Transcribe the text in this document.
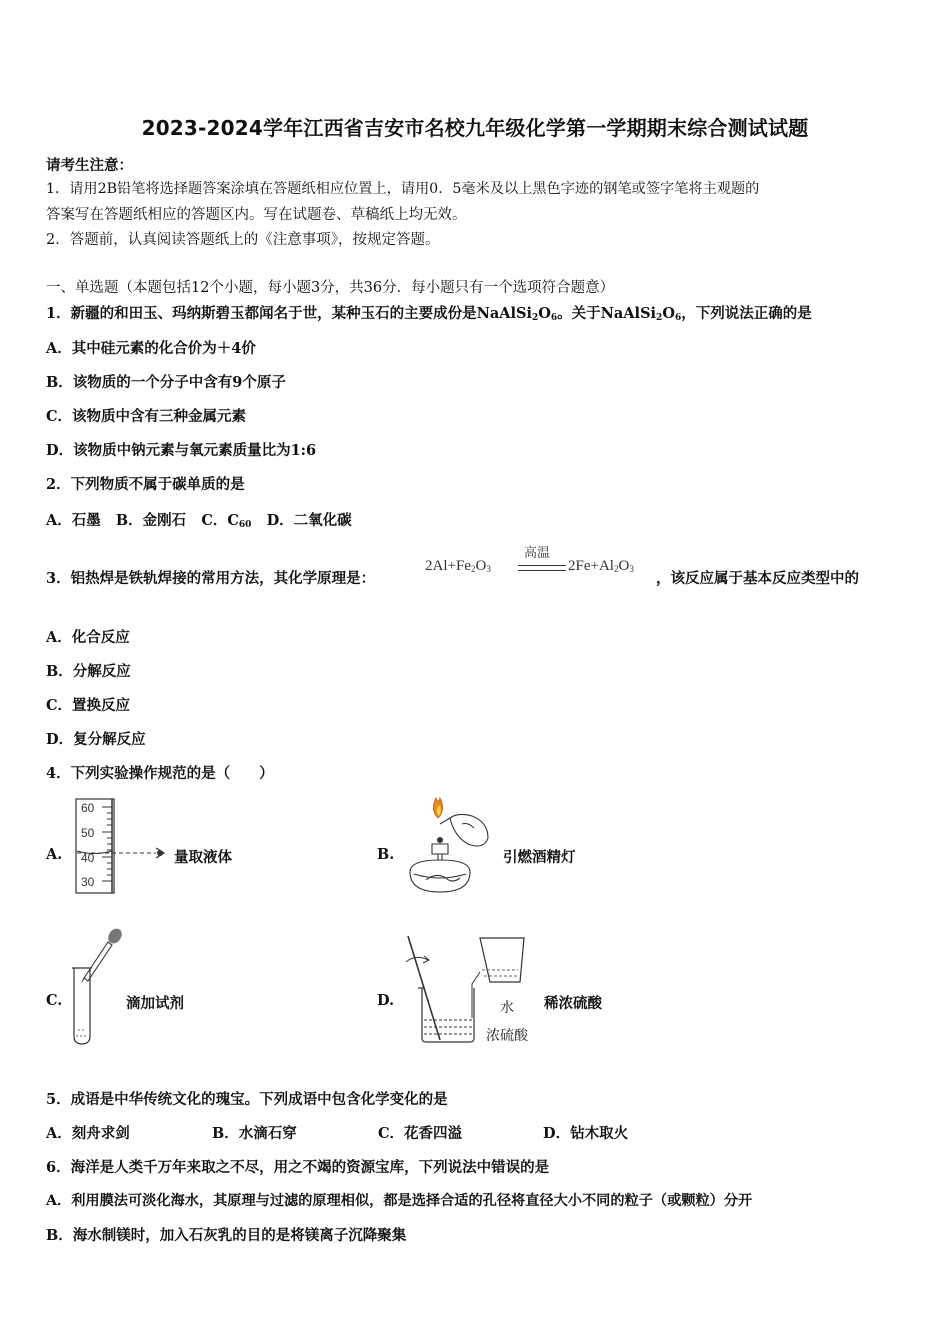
2023-2024学年江西省吉安市名校九年级化学第一学期期末综合测试试题
请考生注意：
1．请用2B铅笔将选择题答案涂填在答题纸相应位置上，请用0．5毫米及以上黑色字迹的钢笔或签字笔将主观题的
答案写在答题纸相应的答题区内。写在试题卷、草稿纸上均无效。
2．答题前，认真阅读答题纸上的《注意事项》，按规定答题。
一、单选题（本题包括12个小题，每小题3分，共36分．每小题只有一个选项符合题意）
1．新疆的和田玉、玛纳斯碧玉都闻名于世，某种玉石的主要成份是$NaAlSi_2O_6$。关于$NaAlSi_2O_6$，下列说法正确的是
A．其中硅元素的化合价为＋4价
B．该物质的一个分子中含有9个原子
C．该物质中含有三种金属元素
D．该物质中钠元素与氧元素质量比为1:6
2．下列物质不属于碳单质的是
A．石墨 B．金刚石 C．$C_{60}$ D．二氧化碳
3．铝热焊是铁轨焊接的常用方法，其化学原理是：
$2Al+Fe_2O_3$
高温
$2Fe+Al_2O_3$
，该反应属于基本反应类型中的
A．化合反应
B．分解反应
C．置换反应
D．复分解反应
4．下列实验操作规范的是（　　）
A.
60
50
40
30
量取液体	B.	引燃酒精灯
C.	滴加试剂	D.	水
浓硫酸
稀浓硫酸
5．成语是中华传统文化的瑰宝。下列成语中包含化学变化的是
A．刻舟求剑	B．水滴石穿	C．花香四溢	D．钻木取火
6．海洋是人类千万年来取之不尽，用之不竭的资源宝库，下列说法中错误的是
A．利用膜法可淡化海水，其原理与过滤的原理相似，都是选择合适的孔径将直径大小不同的粒子（或颗粒）分开
B．海水制镁时，加入石灰乳的目的是将镁离子沉降聚集
